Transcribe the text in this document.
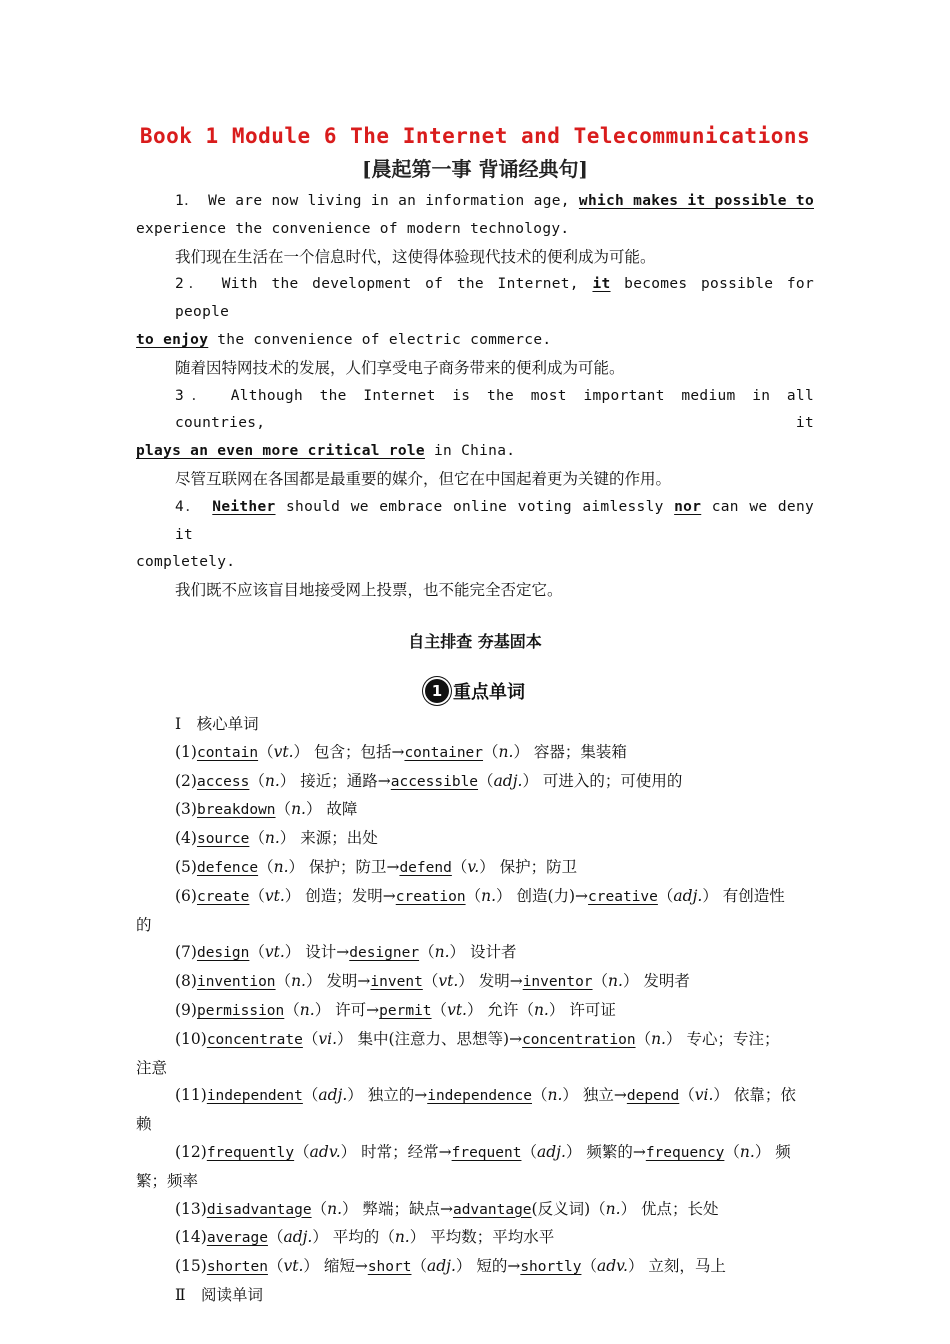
Book 1 Module 6 The Internet and Telecommunications
[晨起第一事 背诵经典句]
1． We are now living in an information age, which makes it possible to
experience the convenience of modern technology.
我们现在生活在一个信息时代，这使得体验现代技术的便利成为可能。
2． With the development of the Internet, it becomes possible for people
to enjoy the convenience of electric commerce.
随着因特网技术的发展，人们享受电子商务带来的便利成为可能。
3． Although the Internet is the most important medium in all countries, it
plays an even more critical role in China.
尽管互联网在各国都是最重要的媒介，但它在中国起着更为关键的作用。
4． Neither should we embrace online voting aimlessly nor can we deny it
completely.
我们既不应该盲目地接受网上投票，也不能完全否定它。
自主排查 夯基固本
1 重点单词
Ⅰ　核心单词
(1)contain（vt.） 包含；包括→container（n.） 容器；集装箱
(2)access（n.） 接近；通路→accessible（adj.） 可进入的；可使用的
(3)breakdown（n.） 故障
(4)source（n.） 来源；出处
(5)defence（n.） 保护；防卫→defend（v.） 保护；防卫
(6)create（vt.） 创造；发明→creation（n.） 创造(力)→creative（adj.） 有创造性
的
(7)design（vt.） 设计→designer（n.） 设计者
(8)invention（n.） 发明→invent（vt.） 发明→inventor（n.） 发明者
(9)permission（n.） 许可→permit（vt.） 允许（n.） 许可证
(10)concentrate（vi.） 集中(注意力、思想等)→concentration（n.） 专心；专注；
注意
(11)independent（adj.） 独立的→independence（n.） 独立→depend（vi.） 依靠；依
赖
(12)frequently（adv.） 时常；经常→frequent（adj.） 频繁的→frequency（n.） 频
繁；频率
(13)disadvantage（n.） 弊端；缺点→advantage(反义词)（n.） 优点；长处
(14)average（adj.） 平均的（n.） 平均数；平均水平
(15)shorten（vt.） 缩短→short（adj.） 短的→shortly（adv.） 立刻，马上
Ⅱ　阅读单词
